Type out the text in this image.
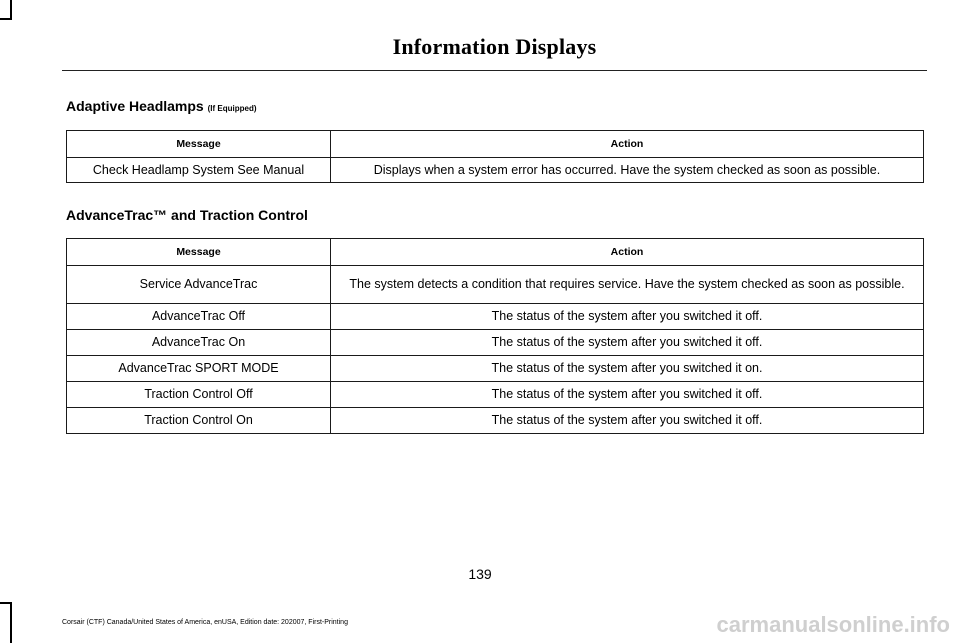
Information Displays
Adaptive Headlamps (If Equipped)
Message	Action
Check Headlamp System See Manual	Displays when a system error has occurred. Have the system checked as soon as possible.
AdvanceTrac™ and Traction Control
Message	Action
Service AdvanceTrac	The system detects a condition that requires service. Have the system checked as soon as possible.
AdvanceTrac Off	The status of the system after you switched it off.
AdvanceTrac On	The status of the system after you switched it off.
AdvanceTrac SPORT MODE	The status of the system after you switched it on.
Traction Control Off	The status of the system after you switched it off.
Traction Control On	The status of the system after you switched it off.
139
Corsair (CTF) Canada/United States of America, enUSA, Edition date: 202007, First-Printing	carmanualsonline.info
